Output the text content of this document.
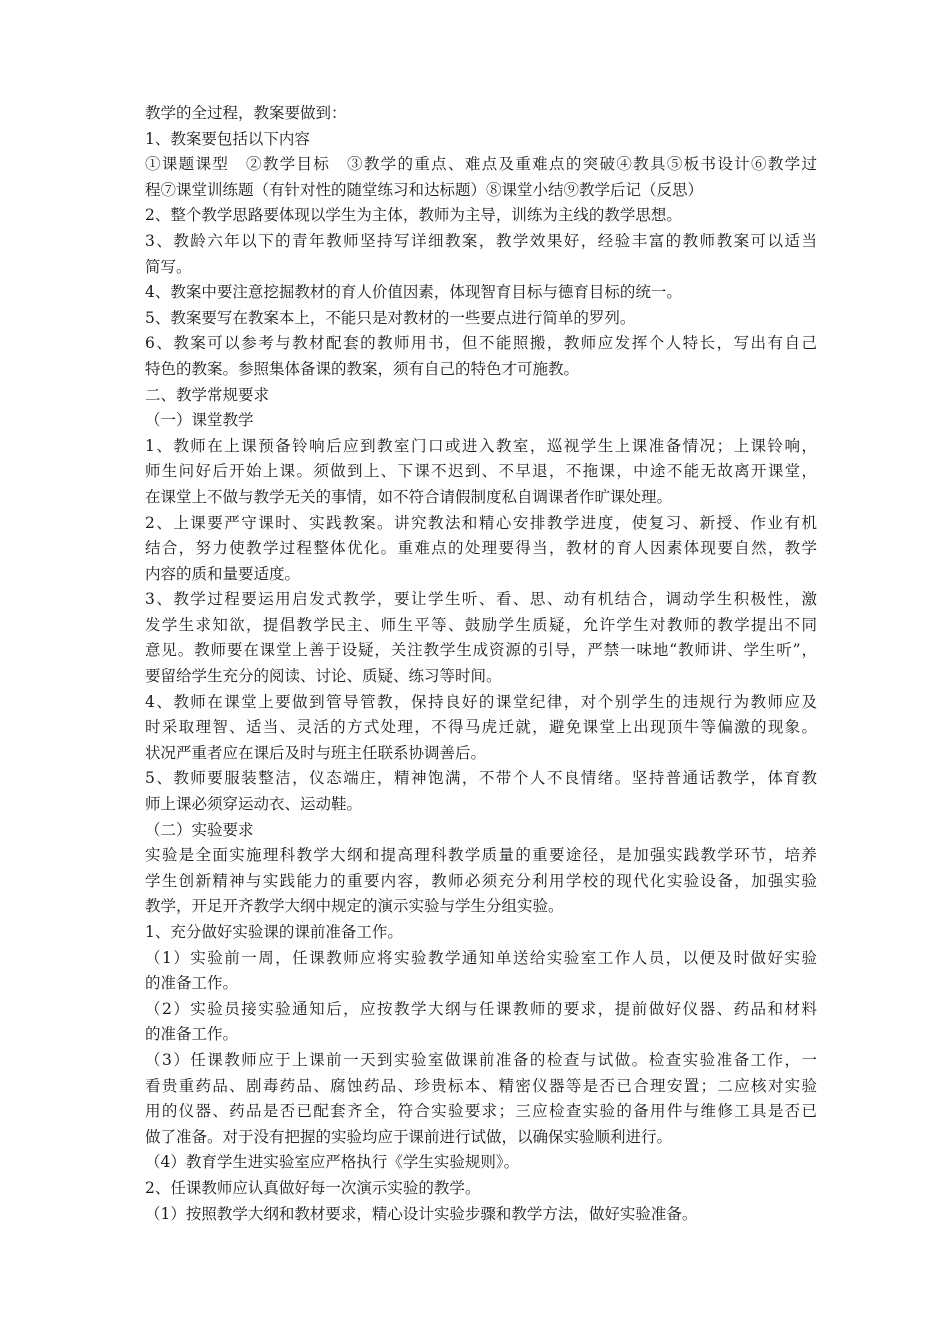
教学的全过程，教案要做到：
1、教案要包括以下内容
①课题课型　②教学目标　③教学的重点、难点及重难点的突破④教具⑤板书设计⑥教学过
程⑦课堂训练题（有针对性的随堂练习和达标题）⑧课堂小结⑨教学后记（反思）
2、整个教学思路要体现以学生为主体，教师为主导，训练为主线的教学思想。
3、教龄六年以下的青年教师坚持写详细教案，教学效果好，经验丰富的教师教案可以适当
简写。
4、教案中要注意挖掘教材的育人价值因素，体现智育目标与德育目标的统一。
5、教案要写在教案本上，不能只是对教材的一些要点进行简单的罗列。
6、教案可以参考与教材配套的教师用书，但不能照搬，教师应发挥个人特长，写出有自己
特色的教案。参照集体备课的教案，须有自己的特色才可施教。
二、教学常规要求
（一）课堂教学
1、教师在上课预备铃响后应到教室门口或进入教室，巡视学生上课准备情况；上课铃响，
师生问好后开始上课。须做到上、下课不迟到、不早退，不拖课，中途不能无故离开课堂，
在课堂上不做与教学无关的事情，如不符合请假制度私自调课者作旷课处理。
2、上课要严守课时、实践教案。讲究教法和精心安排教学进度，使复习、新授、作业有机
结合，努力使教学过程整体优化。重难点的处理要得当，教材的育人因素体现要自然，教学
内容的质和量要适度。
3、教学过程要运用启发式教学，要让学生听、看、思、动有机结合，调动学生积极性，激
发学生求知欲，提倡教学民主、师生平等、鼓励学生质疑，允许学生对教师的教学提出不同
意见。教师要在课堂上善于设疑，关注教学生成资源的引导，严禁一味地“教师讲、学生听”，
要留给学生充分的阅读、讨论、质疑、练习等时间。
4、教师在课堂上要做到管导管教，保持良好的课堂纪律，对个别学生的违规行为教师应及
时采取理智、适当、灵活的方式处理，不得马虎迁就，避免课堂上出现顶牛等偏激的现象。
状况严重者应在课后及时与班主任联系协调善后。
5、教师要服装整洁，仪态端庄，精神饱满，不带个人不良情绪。坚持普通话教学，体育教
师上课必须穿运动衣、运动鞋。
（二）实验要求
实验是全面实施理科教学大纲和提高理科教学质量的重要途径，是加强实践教学环节，培养
学生创新精神与实践能力的重要内容，教师必须充分利用学校的现代化实验设备，加强实验
教学，开足开齐教学大纲中规定的演示实验与学生分组实验。
1、充分做好实验课的课前准备工作。
（1）实验前一周，任课教师应将实验教学通知单送给实验室工作人员，以便及时做好实验
的准备工作。
（2）实验员接实验通知后，应按教学大纲与任课教师的要求，提前做好仪器、药品和材料
的准备工作。
（3）任课教师应于上课前一天到实验室做课前准备的检查与试做。检查实验准备工作，一
看贵重药品、剧毒药品、腐蚀药品、珍贵标本、精密仪器等是否已合理安置；二应核对实验
用的仪器、药品是否已配套齐全，符合实验要求；三应检查实验的备用件与维修工具是否已
做了准备。对于没有把握的实验均应于课前进行试做，以确保实验顺利进行。
（4）教育学生进实验室应严格执行《学生实验规则》。
2、任课教师应认真做好每一次演示实验的教学。
（1）按照教学大纲和教材要求，精心设计实验步骤和教学方法，做好实验准备。
